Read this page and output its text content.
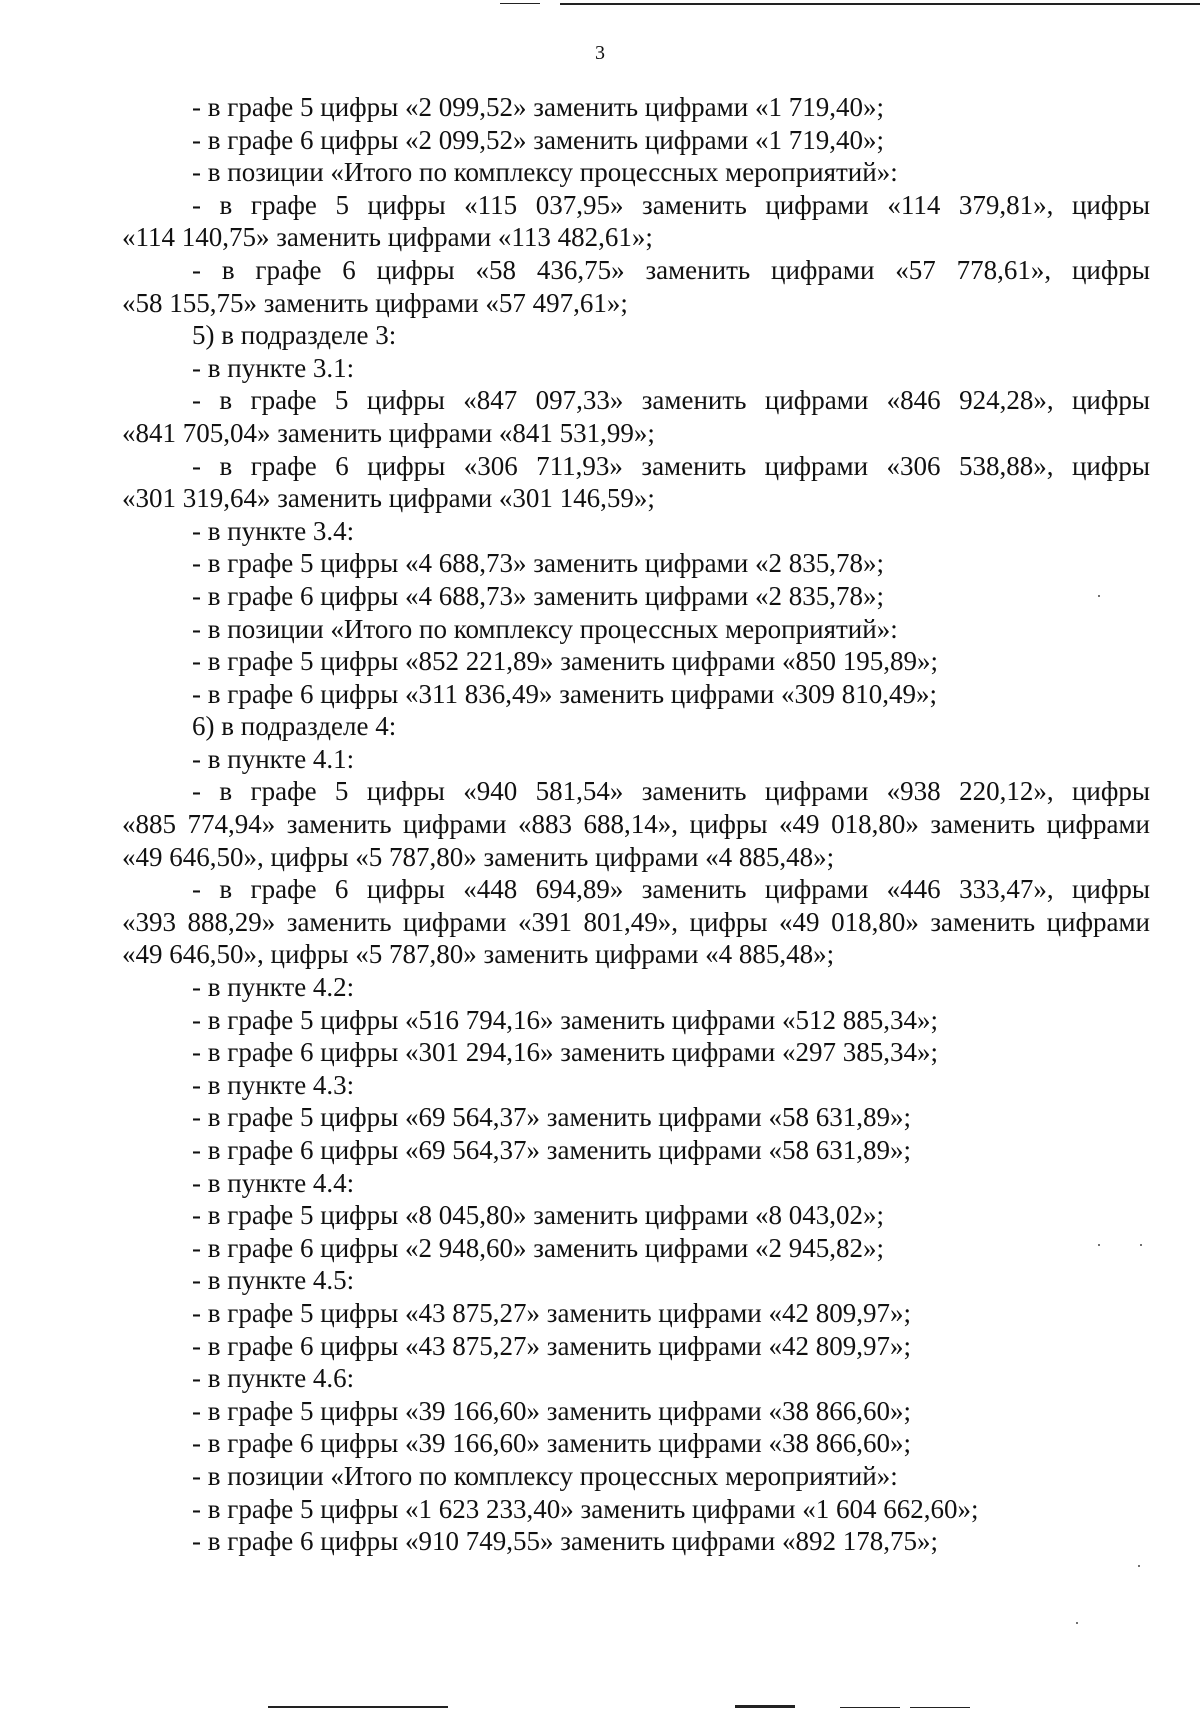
3
- в графе 5 цифры «2 099,52» заменить цифрами «1 719,40»;
- в графе 6 цифры «2 099,52» заменить цифрами «1 719,40»;
- в позиции «Итого по комплексу процессных мероприятий»:
- в графе 5 цифры «115 037,95» заменить цифрами «114 379,81», цифры
«114 140,75» заменить цифрами «113 482,61»;
- в графе 6 цифры «58 436,75» заменить цифрами «57 778,61», цифры
«58 155,75» заменить цифрами «57 497,61»;
5) в подразделе 3:
- в пункте 3.1:
- в графе 5 цифры «847 097,33» заменить цифрами «846 924,28», цифры
«841 705,04» заменить цифрами «841 531,99»;
- в графе 6 цифры «306 711,93» заменить цифрами «306 538,88», цифры
«301 319,64» заменить цифрами «301 146,59»;
- в пункте 3.4:
- в графе 5 цифры «4 688,73» заменить цифрами «2 835,78»;
- в графе 6 цифры «4 688,73» заменить цифрами «2 835,78»;
- в позиции «Итого по комплексу процессных мероприятий»:
- в графе 5 цифры «852 221,89» заменить цифрами «850 195,89»;
- в графе 6 цифры «311 836,49» заменить цифрами «309 810,49»;
6) в подразделе 4:
- в пункте 4.1:
- в графе 5 цифры «940 581,54» заменить цифрами «938 220,12», цифры
«885 774,94» заменить цифрами «883 688,14», цифры «49 018,80» заменить цифрами
«49 646,50», цифры «5 787,80» заменить цифрами «4 885,48»;
- в графе 6 цифры «448 694,89» заменить цифрами «446 333,47», цифры
«393 888,29» заменить цифрами «391 801,49», цифры «49 018,80» заменить цифрами
«49 646,50», цифры «5 787,80» заменить цифрами «4 885,48»;
- в пункте 4.2:
- в графе 5 цифры «516 794,16» заменить цифрами «512 885,34»;
- в графе 6 цифры «301 294,16» заменить цифрами «297 385,34»;
- в пункте 4.3:
- в графе 5 цифры «69 564,37» заменить цифрами «58 631,89»;
- в графе 6 цифры «69 564,37» заменить цифрами «58 631,89»;
- в пункте 4.4:
- в графе 5 цифры «8 045,80» заменить цифрами «8 043,02»;
- в графе 6 цифры «2 948,60» заменить цифрами «2 945,82»;
- в пункте 4.5:
- в графе 5 цифры «43 875,27» заменить цифрами «42 809,97»;
- в графе 6 цифры «43 875,27» заменить цифрами «42 809,97»;
- в пункте 4.6:
- в графе 5 цифры «39 166,60» заменить цифрами «38 866,60»;
- в графе 6 цифры «39 166,60» заменить цифрами «38 866,60»;
- в позиции «Итого по комплексу процессных мероприятий»:
- в графе 5 цифры «1 623 233,40» заменить цифрами «1 604 662,60»;
- в графе 6 цифры «910 749,55» заменить цифрами «892 178,75»;
